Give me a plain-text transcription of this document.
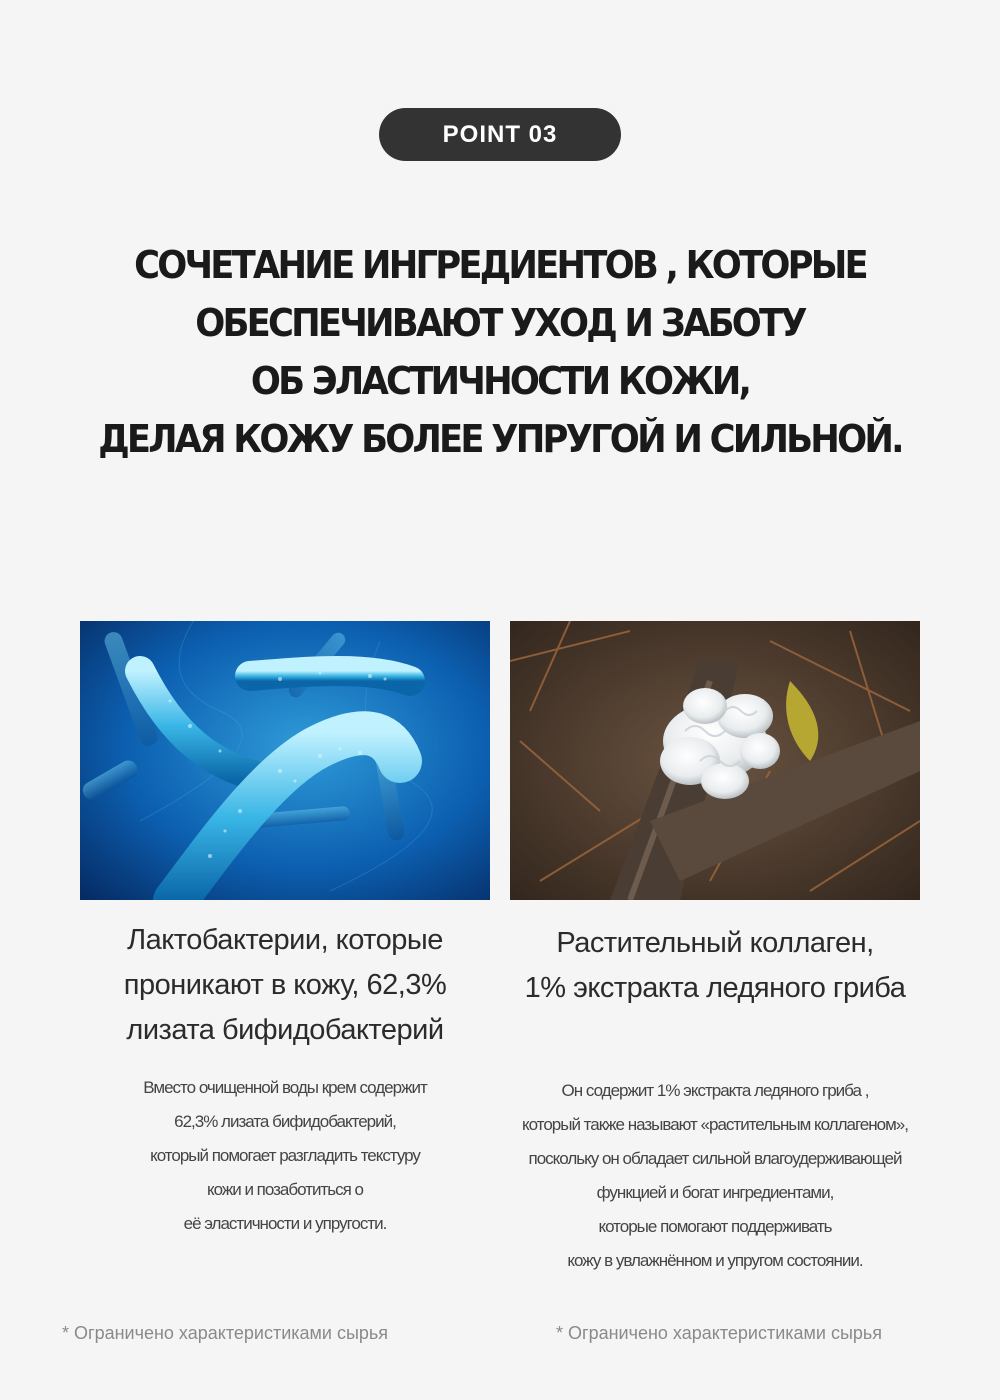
POINT 03
СОЧЕТАНИЕ ИНГРЕДИЕНТОВ , КОТОРЫЕ
ОБЕСПЕЧИВАЮТ УХОД И ЗАБОТУ
ОБ ЭЛАСТИЧНОСТИ КОЖИ,
ДЕЛАЯ КОЖУ БОЛЕЕ УПРУГОЙ И СИЛЬНОЙ.
Лактобактерии, которые
проникают в кожу, 62,3%
лизата бифидобактерий
Растительный коллаген,
1% экстракта ледяного гриба
Вместо очищенной воды крем содержит
62,3% лизата бифидобактерий,
который помогает разгладить текстуру
кожи и позаботиться о
её эластичности и упругости.
Он содержит 1% экстракта ледяного гриба ,
который также называют «растительным коллагеном»,
поскольку он обладает сильной влагоудерживающей
функцией и богат ингредиентами,
которые помогают поддерживать
кожу в увлажнённом и упругом состоянии.
* Ограничено характеристиками сырья	* Ограничено характеристиками сырья
